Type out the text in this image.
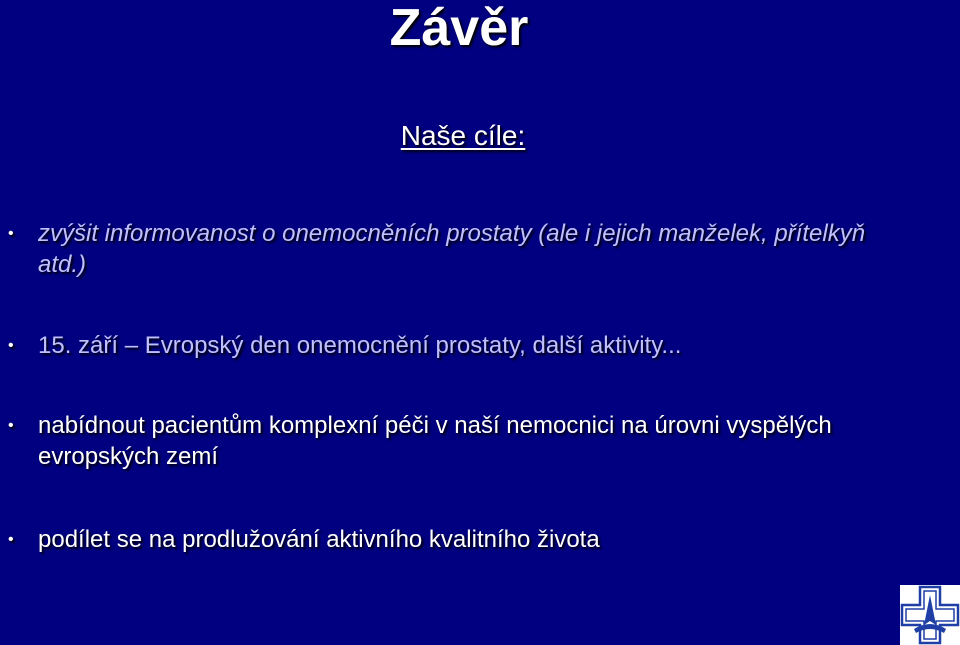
Závěr
Naše cíle:
• zvýšit informovanost o onemocněních prostaty (ale i jejich manželek, přítelkyň atd.)
• 15. září – Evropský den onemocnění prostaty, další aktivity...
• nabídnout pacientům komplexní péči v naší nemocnici na úrovni vyspělých evropských zemí
• podílet se na prodlužování aktivního kvalitního života
